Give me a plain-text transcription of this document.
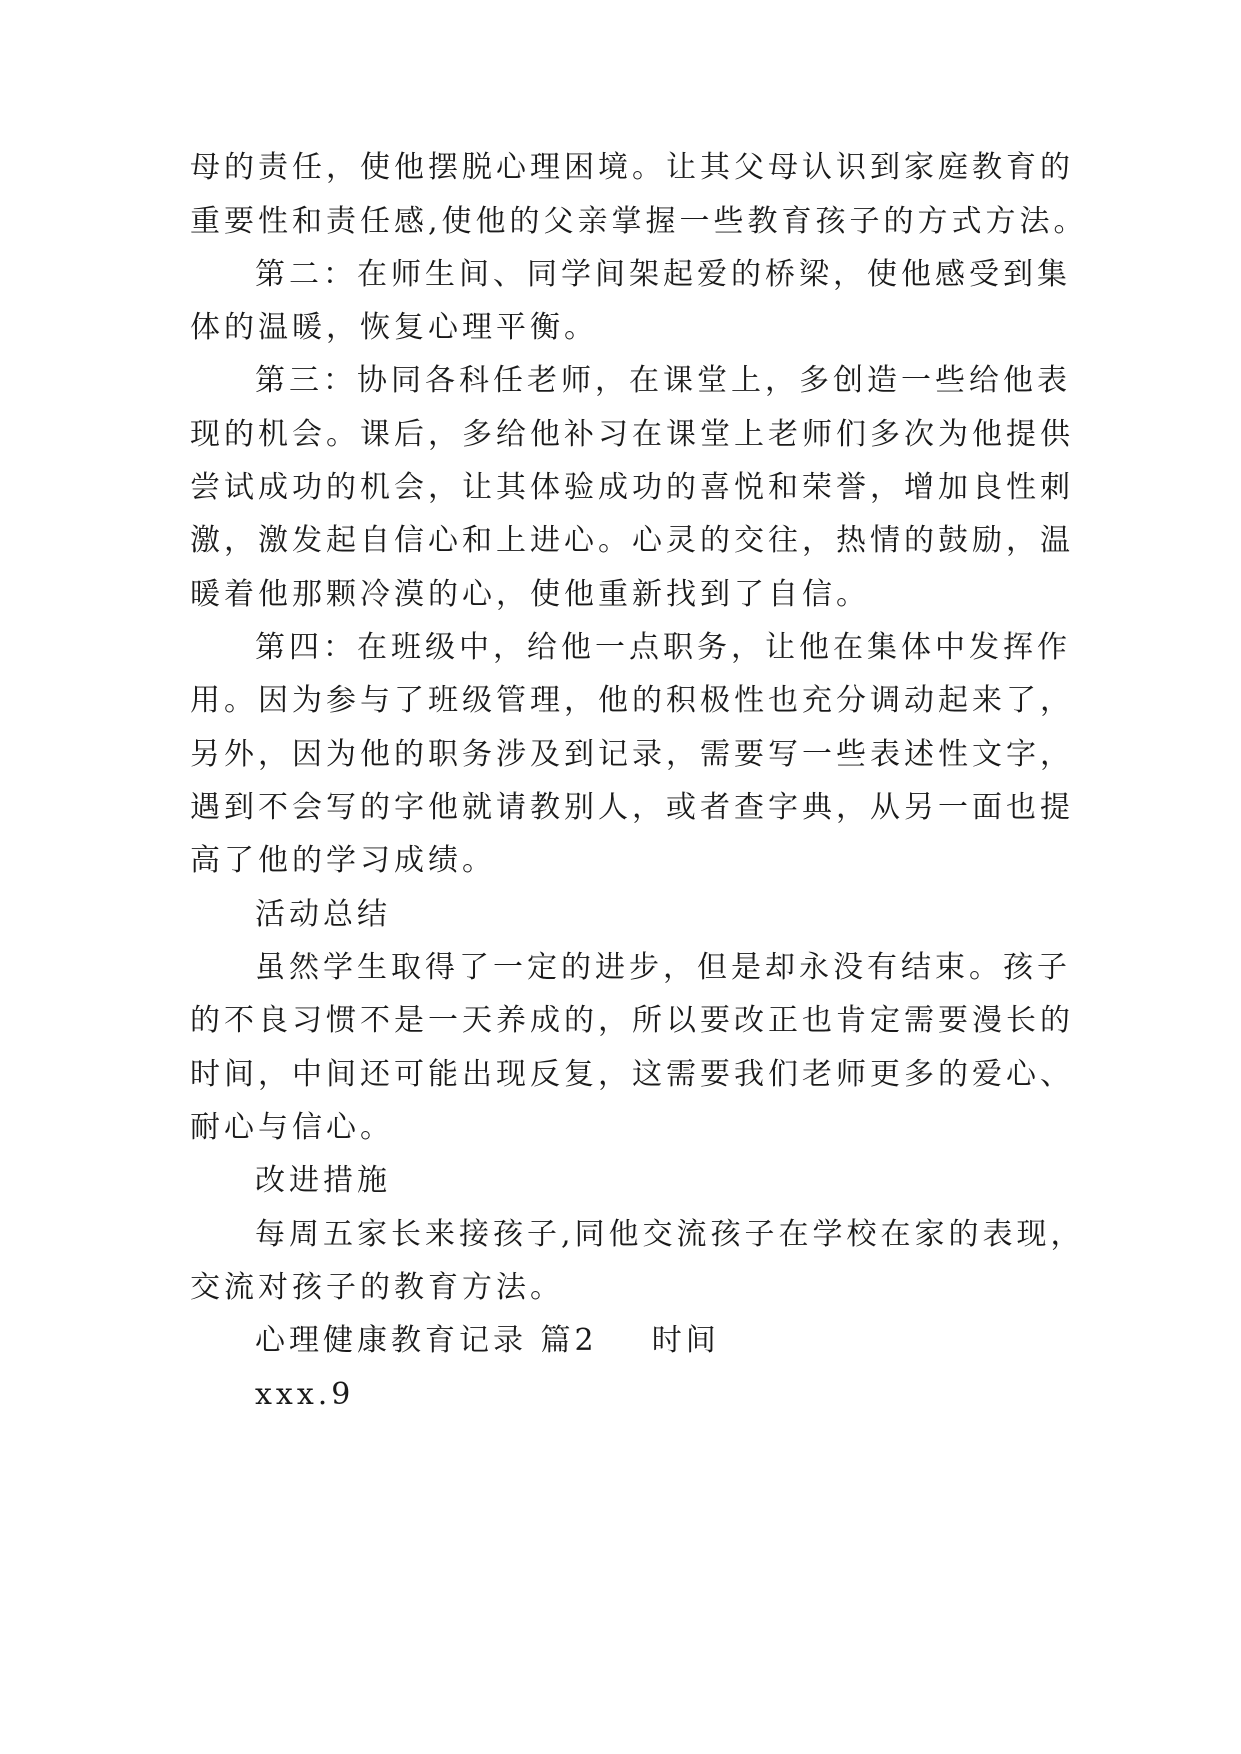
母的责任，使他摆脱心理困境。让其父母认识到家庭教育的
重要性和责任感,使他的父亲掌握一些教育孩子的方式方法。
第二：在师生间、同学间架起爱的桥梁，使他感受到集
体的温暖，恢复心理平衡。
第三：协同各科任老师，在课堂上，多创造一些给他表
现的机会。课后，多给他补习在课堂上老师们多次为他提供
尝试成功的机会，让其体验成功的喜悦和荣誉，增加良性刺
激，激发起自信心和上进心。心灵的交往，热情的鼓励，温
暖着他那颗冷漠的心，使他重新找到了自信。
第四：在班级中，给他一点职务，让他在集体中发挥作
用。因为参与了班级管理，他的积极性也充分调动起来了，
另外，因为他的职务涉及到记录，需要写一些表述性文字，
遇到不会写的字他就请教别人，或者查字典，从另一面也提
高了他的学习成绩。
活动总结
虽然学生取得了一定的进步，但是却永没有结束。孩子
的不良习惯不是一天养成的，所以要改正也肯定需要漫长的
时间，中间还可能出现反复，这需要我们老师更多的爱心、
耐心与信心。
改进措施
每周五家长来接孩子,同他交流孩子在学校在家的表现，
交流对孩子的教育方法。
心理健康教育记录 篇2    时间
xxx.9
